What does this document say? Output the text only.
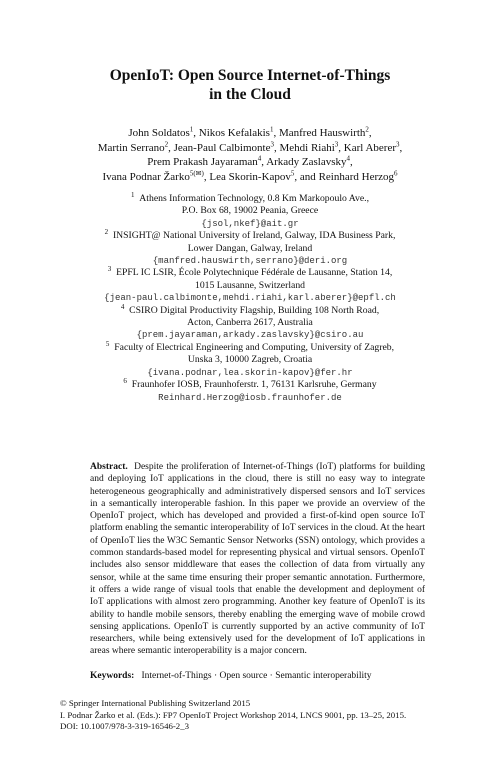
OpenIoT: Open Source Internet-of-Things
in the Cloud
John Soldatos$^1$, Nikos Kefalakis$^1$, Manfred Hauswirth$^2$,
Martin Serrano$^2$, Jean-Paul Calbimonte$^3$, Mehdi Riahi$^3$, Karl Aberer$^3$,
Prem Prakash Jayaraman$^4$, Arkady Zaslavsky$^4$,
Ivana Podnar Žarko$^{5(✉)}$, Lea Skorin-Kapov$^5$, and Reinhard Herzog$^6$
$^1$ Athens Information Technology, 0.8 Km Markopoulo Ave.,
P.O. Box 68, 19002 Peania, Greece
{jsol,nkef}@ait.gr
$^2$ INSIGHT@ National University of Ireland, Galway, IDA Business Park,
Lower Dangan, Galway, Ireland
{manfred.hauswirth,serrano}@deri.org
$^3$ EPFL IC LSIR, École Polytechnique Fédérale de Lausanne, Station 14,
1015 Lausanne, Switzerland
{jean-paul.calbimonte,mehdi.riahi,karl.aberer}@epfl.ch
$^4$ CSIRO Digital Productivity Flagship, Building 108 North Road,
Acton, Canberra 2617, Australia
{prem.jayaraman,arkady.zaslavsky}@csiro.au
$^5$ Faculty of Electrical Engineering and Computing, University of Zagreb,
Unska 3, 10000 Zagreb, Croatia
{ivana.podnar,lea.skorin-kapov}@fer.hr
$^6$ Fraunhofer IOSB, Fraunhoferstr. 1, 76131 Karlsruhe, Germany
Reinhard.Herzog@iosb.fraunhofer.de
Abstract. Despite the proliferation of Internet-of-Things (IoT) platforms for building and deploying IoT applications in the cloud, there is still no easy way to integrate heterogeneous geographically and administratively dispersed sensors and IoT services in a semantically interoperable fashion. In this paper we provide an overview of the OpenIoT project, which has developed and provided a first-of-kind open source IoT platform enabling the semantic interoperability of IoT services in the cloud. At the heart of OpenIoT lies the W3C Semantic Sensor Networks (SSN) ontology, which provides a common standards-based model for representing physical and virtual sensors. OpenIoT includes also sensor middleware that eases the collection of data from virtually any sensor, while at the same time ensuring their proper semantic annotation. Furthermore, it offers a wide range of visual tools that enable the development and deployment of IoT applications with almost zero programming. Another key feature of OpenIoT is its ability to handle mobile sensors, thereby enabling the emerging wave of mobile crowd sensing applications. OpenIoT is currently supported by an active community of IoT researchers, while being extensively used for the development of IoT applications in areas where semantic interoperability is a major concern.
Keywords: Internet-of-Things · Open source · Semantic interoperability
© Springer International Publishing Switzerland 2015
I. Podnar Žarko et al. (Eds.): FP7 OpenIoT Project Workshop 2014, LNCS 9001, pp. 13–25, 2015.
DOI: 10.1007/978-3-319-16546-2_3
